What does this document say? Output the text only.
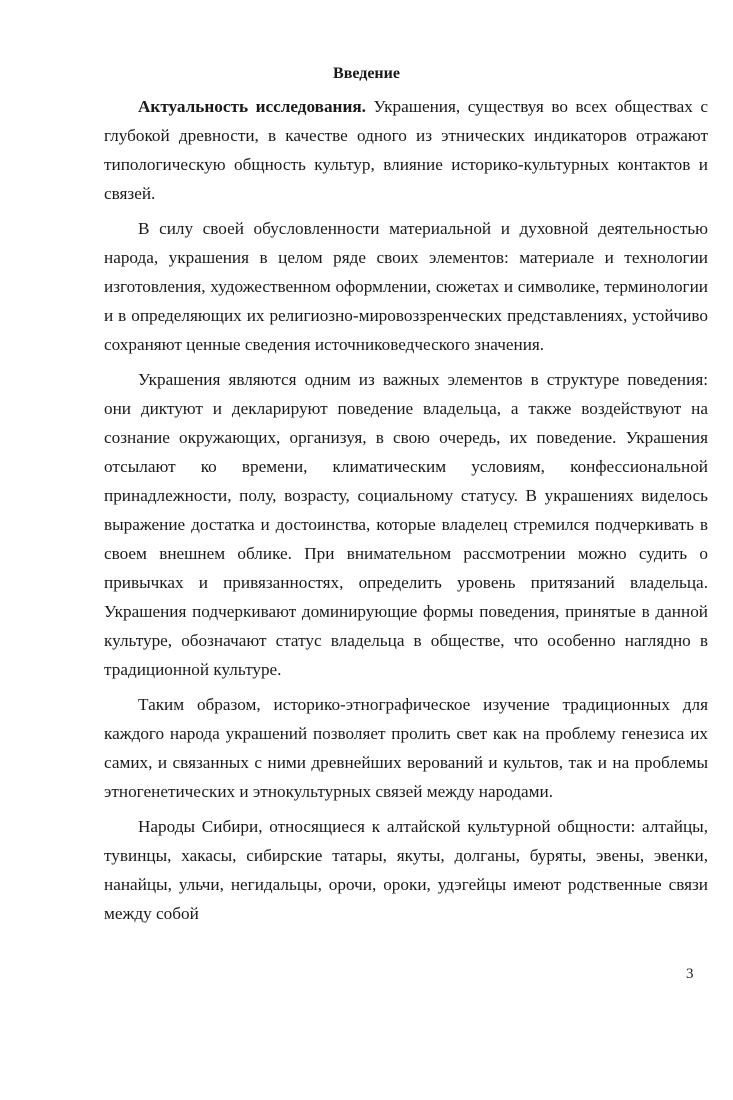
Введение

Актуальность исследования. Украшения, существуя во всех обществах с глубокой древности, в качестве одного из этнических индикаторов отражают типологическую общность культур, влияние историко-культурных контактов и связей.

В силу своей обусловленности материальной и духовной деятельностью народа, украшения в целом ряде своих элементов: материале и технологии изготовления, художественном оформлении, сюжетах и символике, терминологии и в определяющих их религиозно-мировоззренческих представлениях, устойчиво сохраняют ценные сведения источниковедческого значения.

Украшения являются одним из важных элементов в структуре поведения: они диктуют и декларируют поведение владельца, а также воздействуют на сознание окружающих, организуя, в свою очередь, их поведение. Украшения отсылают ко времени, климатическим условиям, конфессиональной принадлежности, полу, возрасту, социальному статусу. В украшениях виделось выражение достатка и достоинства, которые владелец стремился подчеркивать в своем внешнем облике. При внимательном рассмотрении можно судить о привычках и привязанностях, определить уровень притязаний владельца. Украшения подчеркивают доминирующие формы поведения, принятые в данной культуре, обозначают статус владельца в обществе, что особенно наглядно в традиционной культуре.

Таким образом, историко-этнографическое изучение традиционных для каждого народа украшений позволяет пролить свет как на проблему генезиса их самих, и связанных с ними древнейших верований и культов, так и на проблемы этногенетических и этнокультурных связей между народами.

Народы Сибири, относящиеся к алтайской культурной общности: алтайцы, тувинцы, хакасы, сибирские татары, якуты, долганы, буряты, эвены, эвенки, нанайцы, ульчи, негидальцы, орочи, ороки, удэгейцы имеют родственные связи между собой

3
